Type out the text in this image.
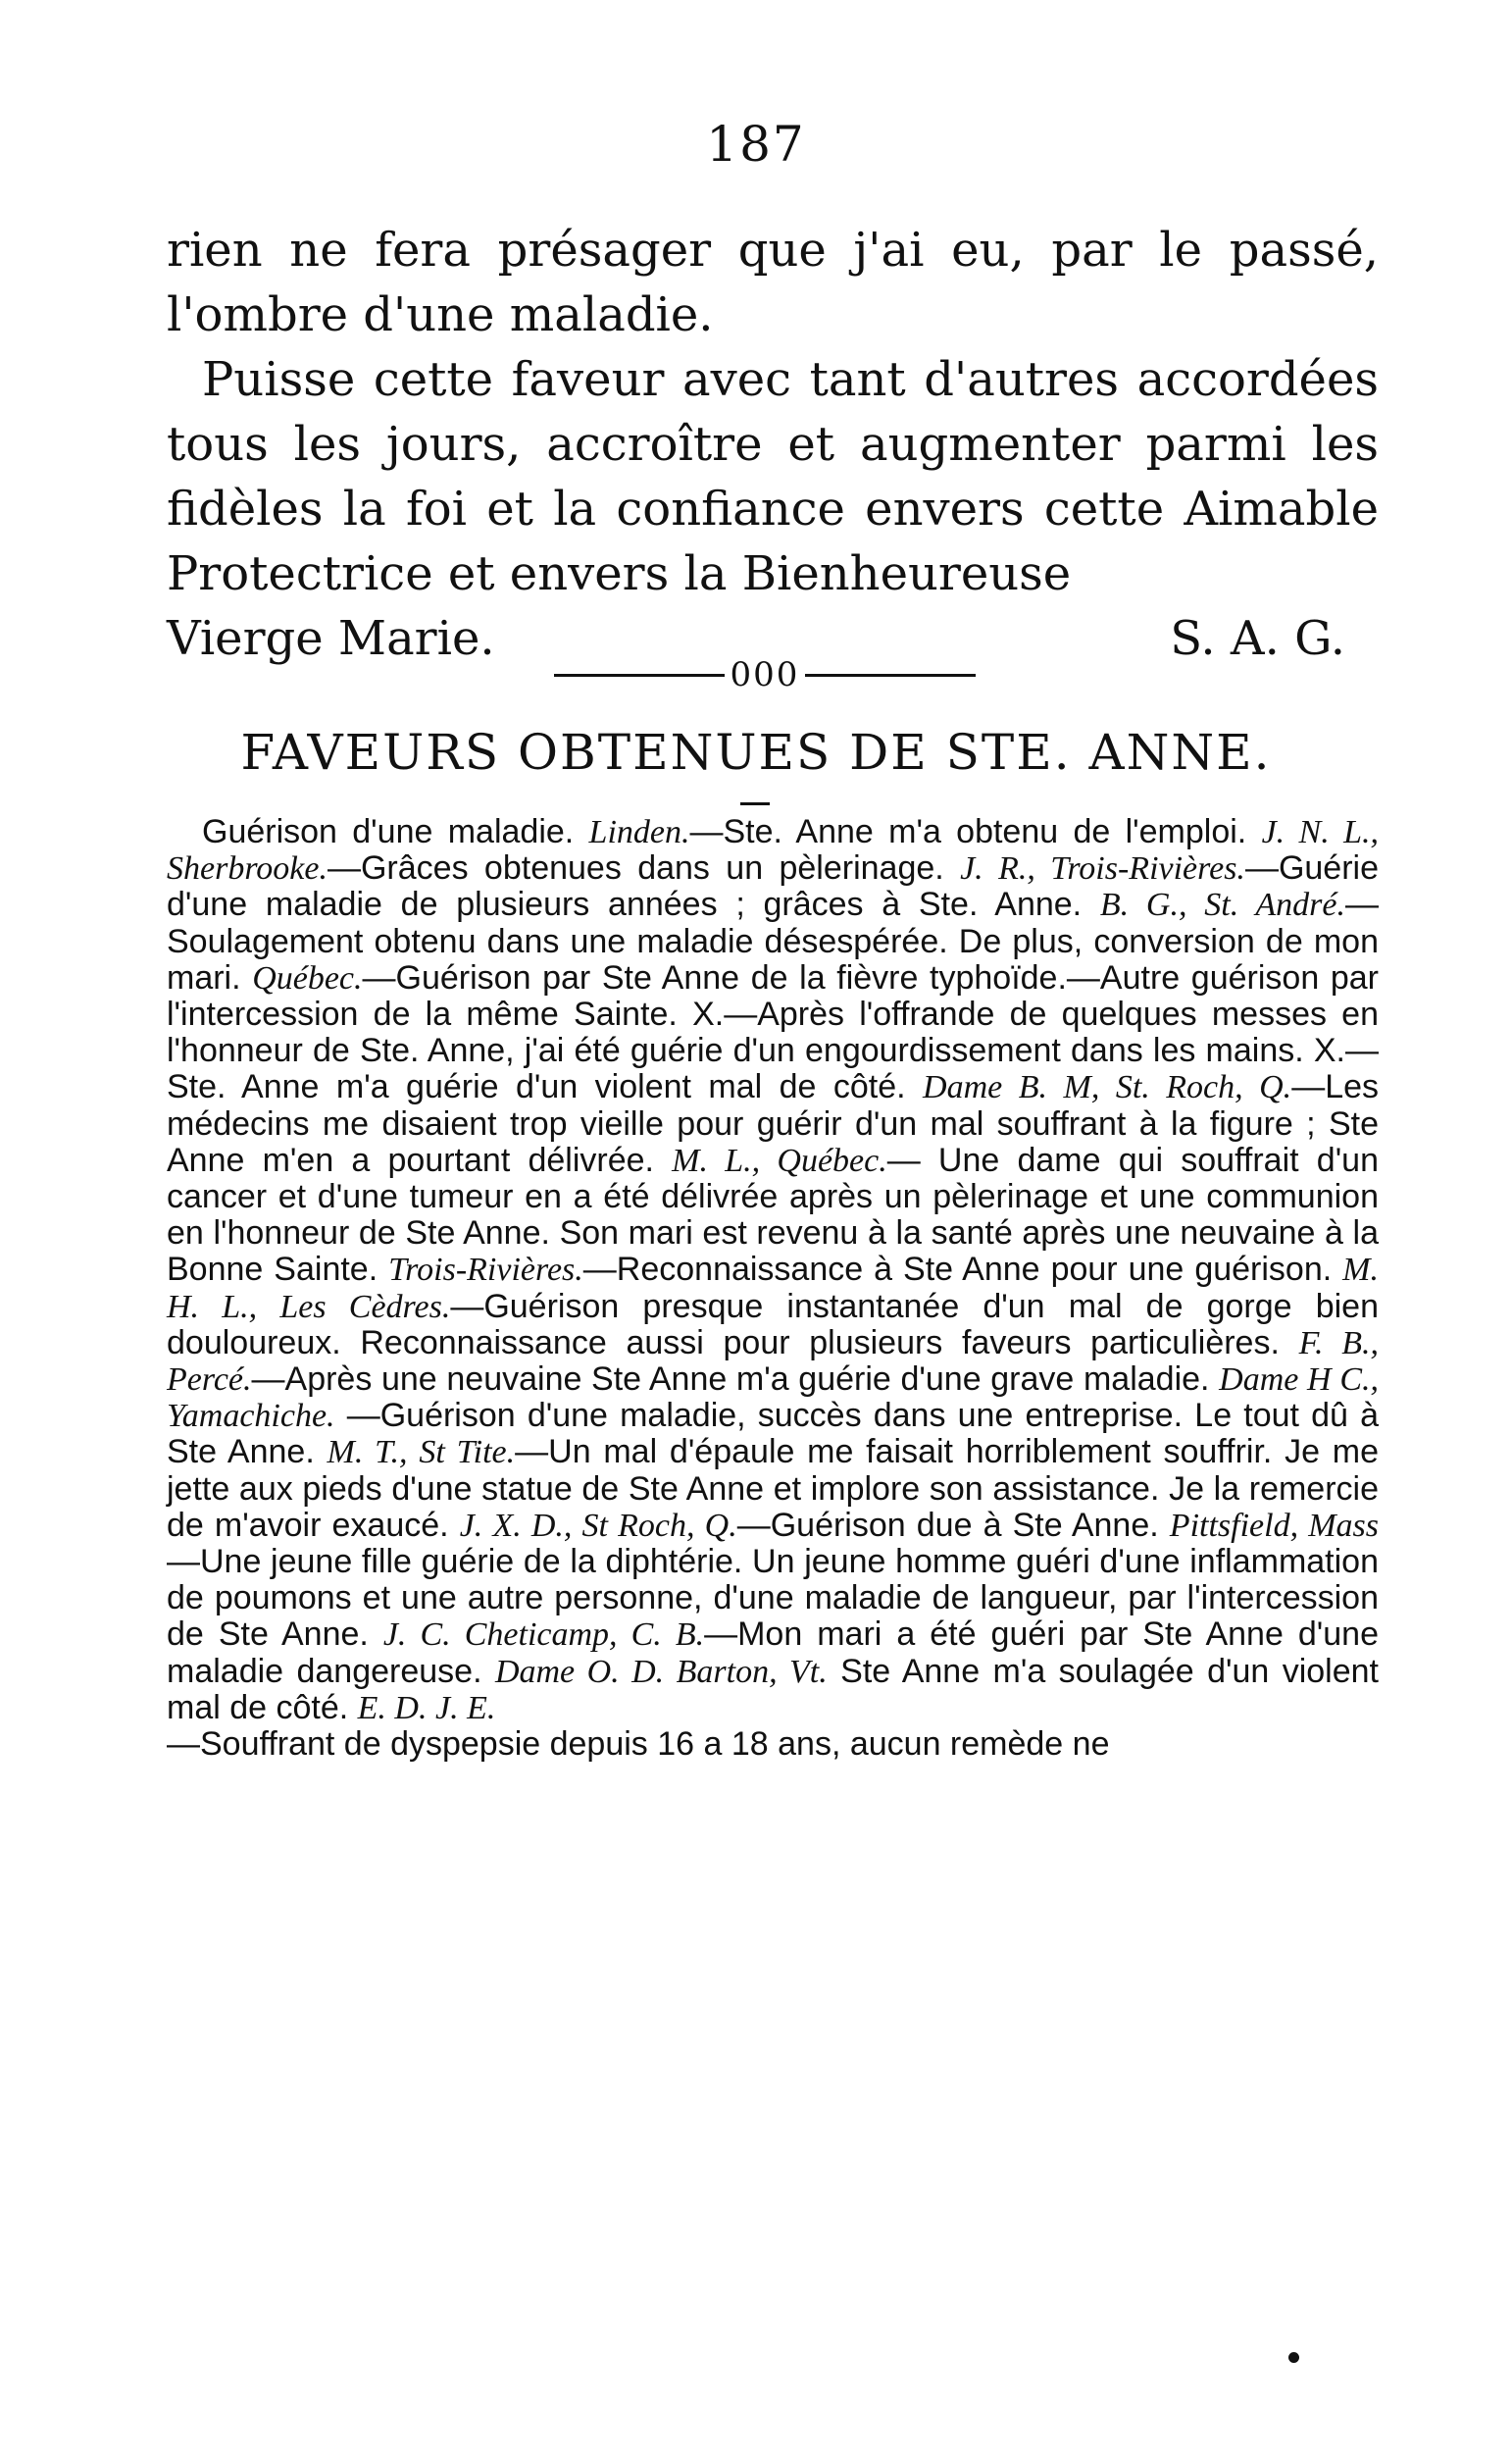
187

rien ne fera présager que j'ai eu, par le passé, l'ombre d'une maladie.

Puisse cette faveur avec tant d'autres accordées tous les jours, accroître et augmenter parmi les fidèles la foi et la confiance envers cette Aimable Protectrice et envers la Bienheureuse

Vierge Marie.	S. A. G.
000
FAVEURS OBTENUES DE STE. ANNE.

Guérison d'une maladie. Linden.—Ste. Anne m'a obtenu de l'emploi. J. N. L., Sherbrooke.—Grâces obtenues dans un pèlerinage. J. R., Trois-Rivières.—Guérie d'une maladie de plusieurs années ; grâces à Ste. Anne. B. G., St. André.—Soulagement obtenu dans une maladie désespérée. De plus, conversion de mon mari. Québec.—Guérison par Ste Anne de la fièvre typhoïde.—Autre guérison par l'intercession de la même Sainte. X.—Après l'offrande de quelques messes en l'honneur de Ste. Anne, j'ai été guérie d'un engourdissement dans les mains. X.—Ste. Anne m'a guérie d'un violent mal de côté. Dame B. M, St. Roch, Q.—Les médecins me disaient trop vieille pour guérir d'un mal souffrant à la figure ; Ste Anne m'en a pourtant délivrée. M. L., Québec.— Une dame qui souffrait d'un cancer et d'une tumeur en a été délivrée après un pèlerinage et une communion en l'honneur de Ste Anne. Son mari est revenu à la santé après une neuvaine à la Bonne Sainte. Trois-Rivières.—Reconnaissance à Ste Anne pour une guérison. M. H. L., Les Cèdres.—Guérison presque instantanée d'un mal de gorge bien douloureux. Reconnaissance aussi pour plusieurs faveurs particulières. F. B., Percé.—Après une neuvaine Ste Anne m'a guérie d'une grave maladie. Dame H C., Yamachiche. —Guérison d'une maladie, succès dans une entreprise. Le tout dû à Ste Anne. M. T., St Tite.—Un mal d'épaule me faisait horriblement souffrir. Je me jette aux pieds d'une statue de Ste Anne et implore son assistance. Je la remercie de m'avoir exaucé. J. X. D., St Roch, Q.—Guérison due à Ste Anne. Pittsfield, Mass —Une jeune fille guérie de la diphtérie. Un jeune homme guéri d'une inflammation de poumons et une autre personne, d'une maladie de langueur, par l'intercession de Ste Anne. J. C. Cheticamp, C. B.—Mon mari a été guéri par Ste Anne d'une maladie dangereuse. Dame O. D. Barton, Vt. Ste Anne m'a soulagée d'un violent mal de côté. E. D. J. E.

—Souffrant de dyspepsie depuis 16 a 18 ans, aucun remède ne
